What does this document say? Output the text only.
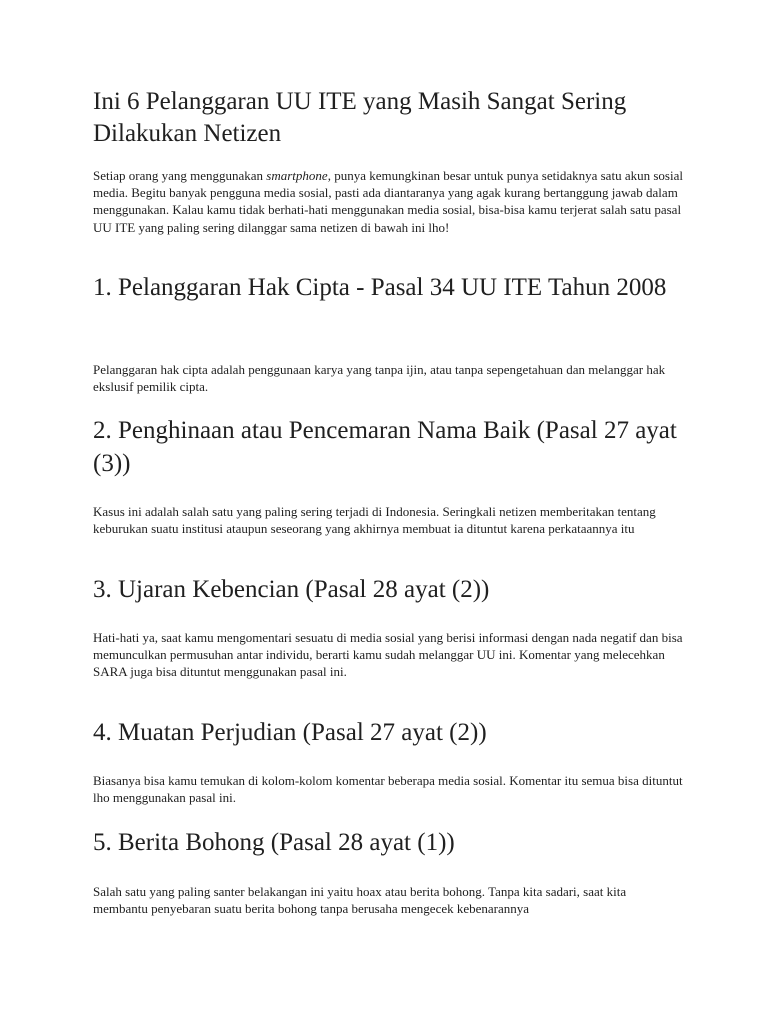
Ini 6 Pelanggaran UU ITE yang Masih Sangat Sering Dilakukan Netizen

Setiap orang yang menggunakan smartphone, punya kemungkinan besar untuk punya setidaknya satu akun sosial media. Begitu banyak pengguna media sosial, pasti ada diantaranya yang agak kurang bertanggung jawab dalam menggunakan. Kalau kamu tidak berhati-hati menggunakan media sosial, bisa-bisa kamu terjerat salah satu pasal UU ITE yang paling sering dilanggar sama netizen di bawah ini lho!

1. Pelanggaran Hak Cipta - Pasal 34 UU ITE Tahun 2008

Pelanggaran hak cipta adalah penggunaan karya yang tanpa ijin, atau tanpa sepengetahuan dan melanggar hak ekslusif pemilik cipta.

2. Penghinaan atau Pencemaran Nama Baik (Pasal 27 ayat (3))

Kasus ini adalah salah satu yang paling sering terjadi di Indonesia. Seringkali netizen memberitakan tentang keburukan suatu institusi ataupun seseorang yang akhirnya membuat ia dituntut karena perkataannya itu

3. Ujaran Kebencian (Pasal 28 ayat (2))

Hati-hati ya, saat kamu mengomentari sesuatu di media sosial yang berisi informasi dengan nada negatif dan bisa memunculkan permusuhan antar individu, berarti kamu sudah melanggar UU ini. Komentar yang melecehkan SARA juga bisa dituntut menggunakan pasal ini.

4. Muatan Perjudian (Pasal 27 ayat (2))

Biasanya bisa kamu temukan di kolom-kolom komentar beberapa media sosial. Komentar itu semua bisa dituntut lho menggunakan pasal ini.

5. Berita Bohong (Pasal 28 ayat (1))

Salah satu yang paling santer belakangan ini yaitu hoax atau berita bohong. Tanpa kita sadari, saat kita membantu penyebaran suatu berita bohong tanpa berusaha mengecek kebenarannya
